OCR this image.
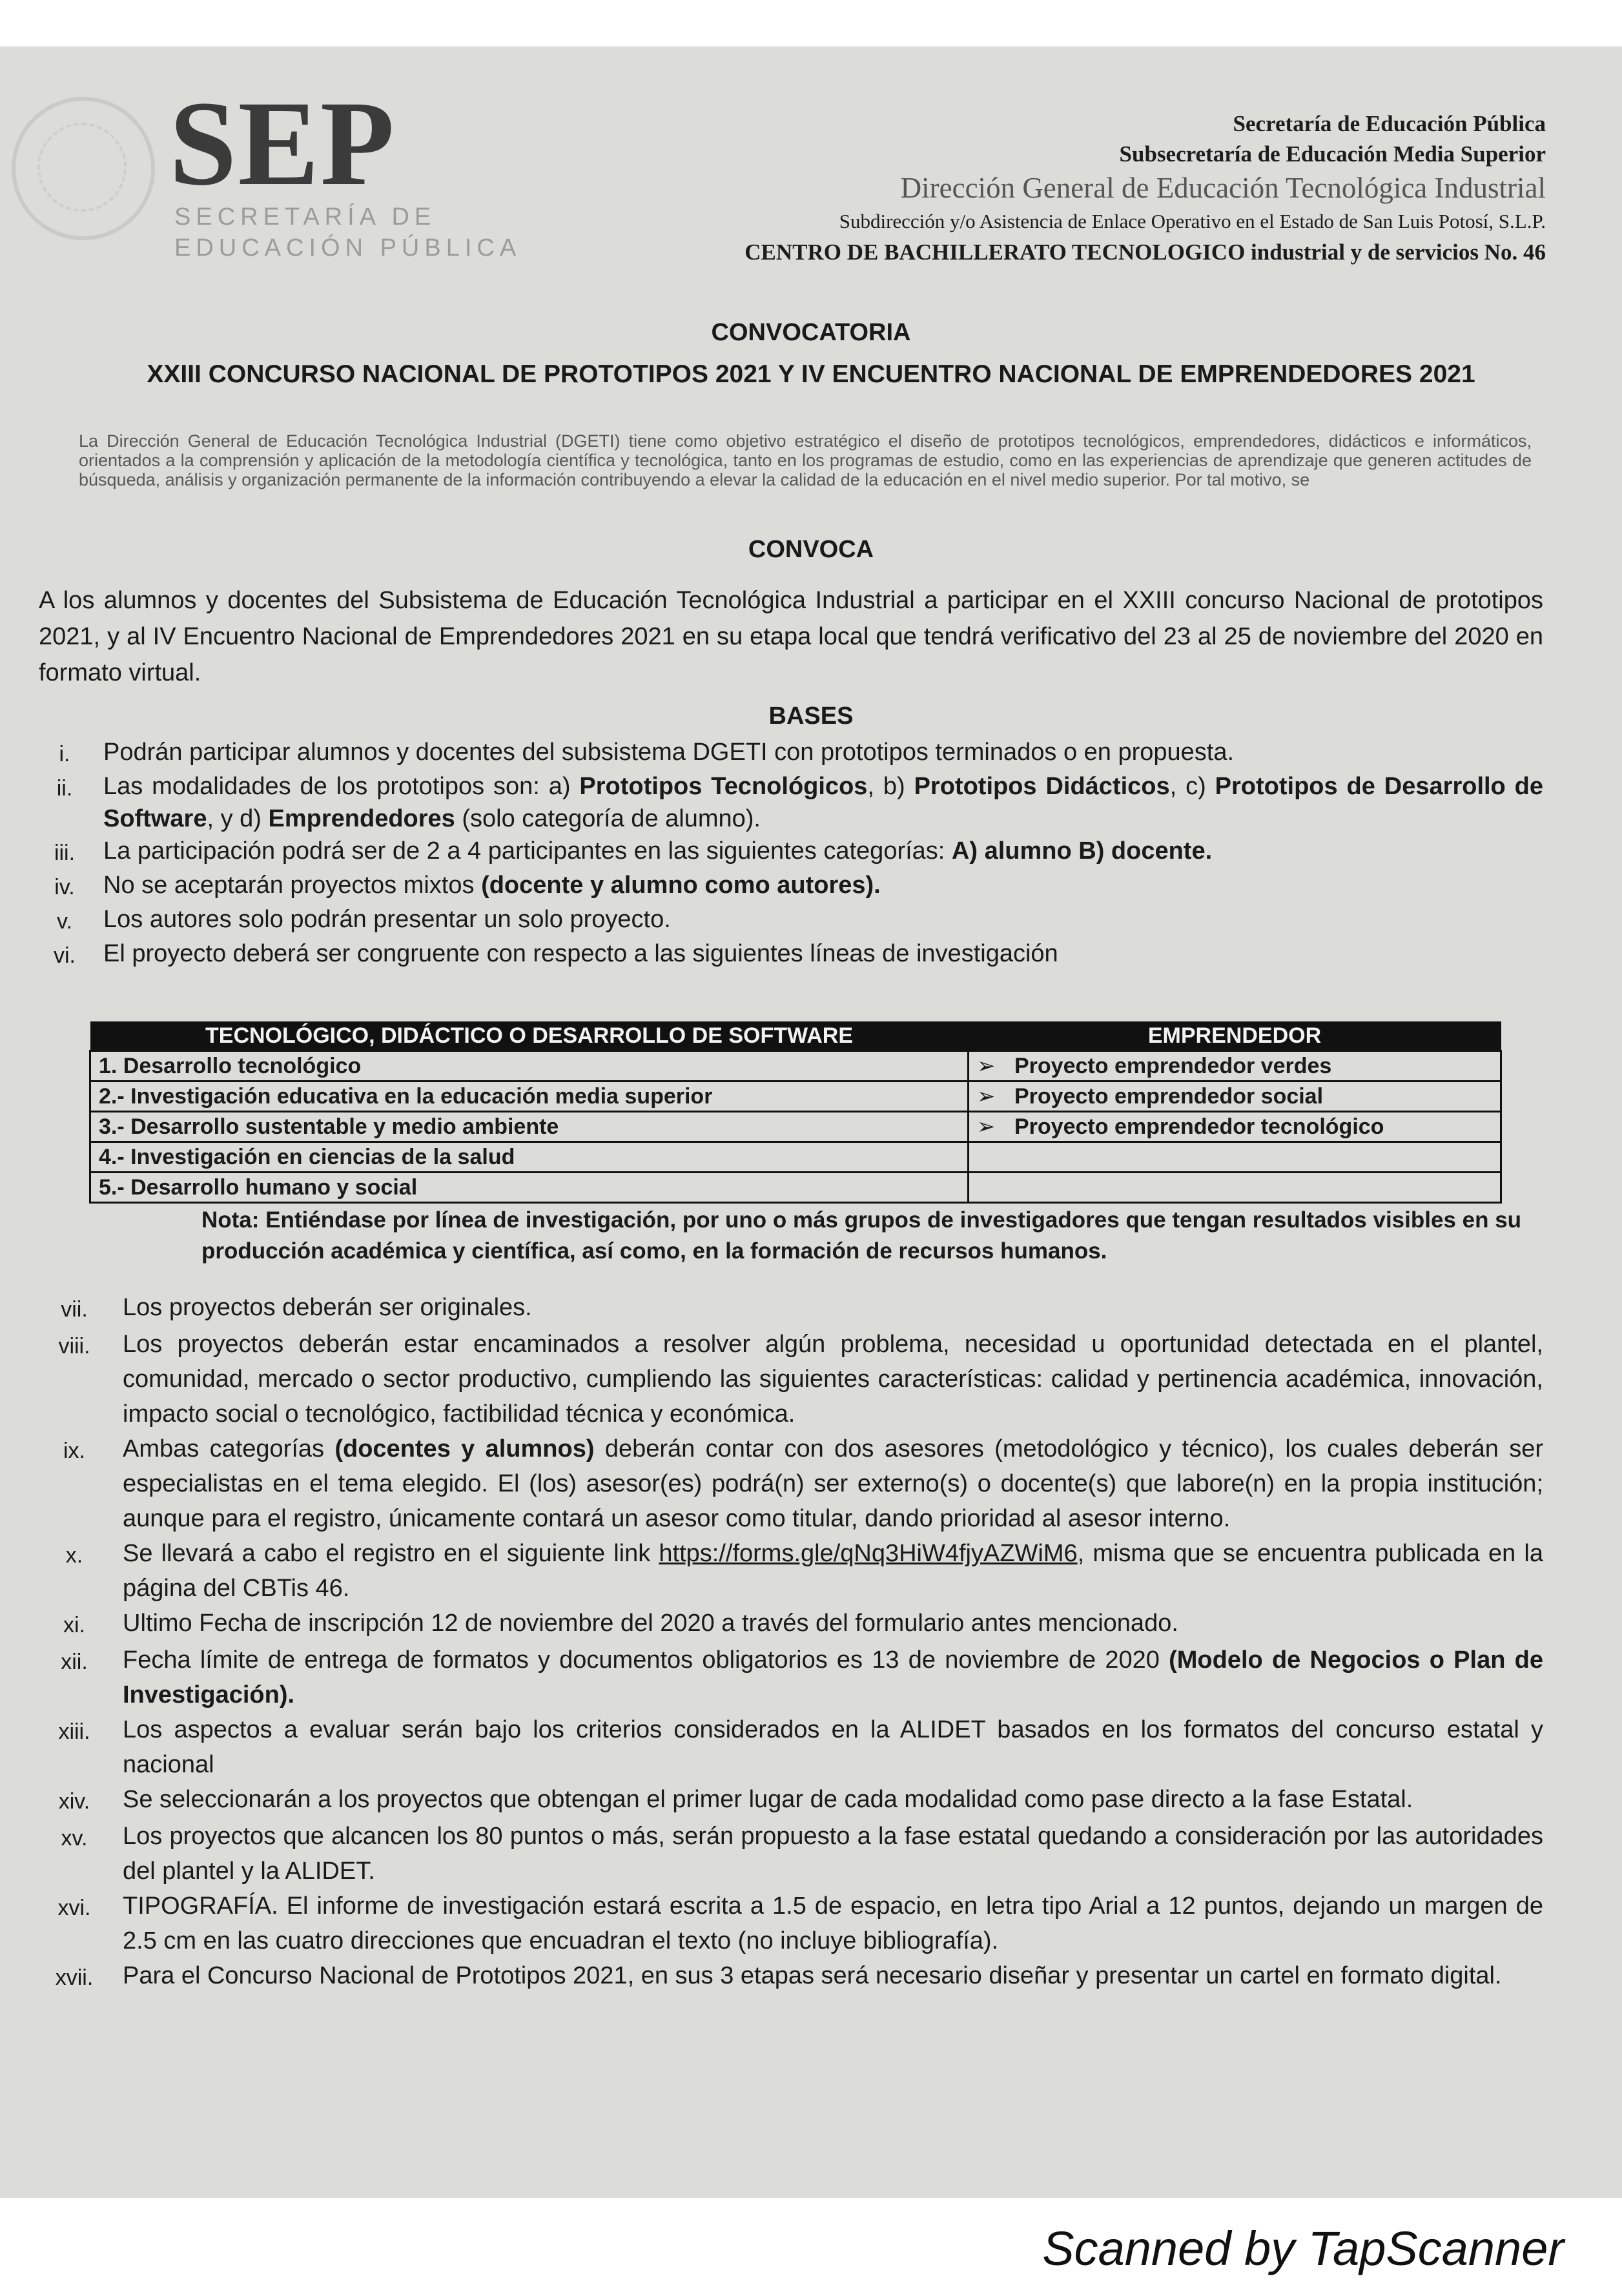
SEP
SECRETARÍA DE
EDUCACIÓN PÚBLICA
Secretaría de Educación Pública
Subsecretaría de Educación Media Superior
Dirección General de Educación Tecnológica Industrial
Subdirección y/o Asistencia de Enlace Operativo en el Estado de San Luis Potosí, S.L.P.
CENTRO DE BACHILLERATO TECNOLOGICO industrial y de servicios No. 46
CONVOCATORIA
XXIII CONCURSO NACIONAL DE PROTOTIPOS 2021 Y IV ENCUENTRO NACIONAL DE EMPRENDEDORES 2021
La Dirección General de Educación Tecnológica Industrial (DGETI) tiene como objetivo estratégico el diseño de prototipos tecnológicos, emprendedores, didácticos e informáticos, orientados a la comprensión y aplicación de la metodología científica y tecnológica, tanto en los programas de estudio, como en las experiencias de aprendizaje que generen actitudes de búsqueda, análisis y organización permanente de la información contribuyendo a elevar la calidad de la educación en el nivel medio superior. Por tal motivo, se
CONVOCA
A los alumnos y docentes del Subsistema de Educación Tecnológica Industrial a participar en el XXIII concurso Nacional de prototipos 2021, y al IV Encuentro Nacional de Emprendedores 2021 en su etapa local que tendrá verificativo del 23 al 25 de noviembre del 2020 en formato virtual.
BASES
i.	Podrán participar alumnos y docentes del subsistema DGETI con prototipos terminados o en propuesta.
ii.	Las modalidades de los prototipos son: a) Prototipos Tecnológicos, b) Prototipos Didácticos, c) Prototipos de Desarrollo de Software, y d) Emprendedores (solo categoría de alumno).
iii.	La participación podrá ser de 2 a 4 participantes en las siguientes categorías: A) alumno B) docente.
iv.	No se aceptarán proyectos mixtos (docente y alumno como autores).
v.	Los autores solo podrán presentar un solo proyecto.
vi.	El proyecto deberá ser congruente con respecto a las siguientes líneas de investigación
TECNOLÓGICO, DIDÁCTICO O DESARROLLO DE SOFTWARE	EMPRENDEDOR
1. Desarrollo tecnológico	➢ Proyecto emprendedor verdes
2.- Investigación educativa en la educación media superior	➢ Proyecto emprendedor social
3.- Desarrollo sustentable y medio ambiente	➢ Proyecto emprendedor tecnológico
4.- Investigación en ciencias de la salud	
5.- Desarrollo humano y social	
Nota: Entiéndase por línea de investigación, por uno o más grupos de investigadores que tengan resultados visibles en su producción académica y científica, así como, en la formación de recursos humanos.
vii.	Los proyectos deberán ser originales.
viii.	Los proyectos deberán estar encaminados a resolver algún problema, necesidad u oportunidad detectada en el plantel, comunidad, mercado o sector productivo, cumpliendo las siguientes características: calidad y pertinencia académica, innovación, impacto social o tecnológico, factibilidad técnica y económica.
ix.	Ambas categorías (docentes y alumnos) deberán contar con dos asesores (metodológico y técnico), los cuales deberán ser especialistas en el tema elegido. El (los) asesor(es) podrá(n) ser externo(s) o docente(s) que labore(n) en la propia institución; aunque para el registro, únicamente contará un asesor como titular, dando prioridad al asesor interno.
x.	Se llevará a cabo el registro en el siguiente link https://forms.gle/qNq3HiW4fjyAZWiM6, misma que se encuentra publicada en la página del CBTis 46.
xi.	Ultimo Fecha de inscripción 12 de noviembre del 2020 a través del formulario antes mencionado.
xii.	Fecha límite de entrega de formatos y documentos obligatorios es 13 de noviembre de 2020 (Modelo de Negocios o Plan de Investigación).
xiii.	Los aspectos a evaluar serán bajo los criterios considerados en la ALIDET basados en los formatos del concurso estatal y nacional
xiv.	Se seleccionarán a los proyectos que obtengan el primer lugar de cada modalidad como pase directo a la fase Estatal.
xv.	Los proyectos que alcancen los 80 puntos o más, serán propuesto a la fase estatal quedando a consideración por las autoridades del plantel y la ALIDET.
xvi.	TIPOGRAFÍA. El informe de investigación estará escrita a 1.5 de espacio, en letra tipo Arial a 12 puntos, dejando un margen de 2.5 cm en las cuatro direcciones que encuadran el texto (no incluye bibliografía).
xvii.	Para el Concurso Nacional de Prototipos 2021, en sus 3 etapas será necesario diseñar y presentar un cartel en formato digital.
Scanned by TapScanner
